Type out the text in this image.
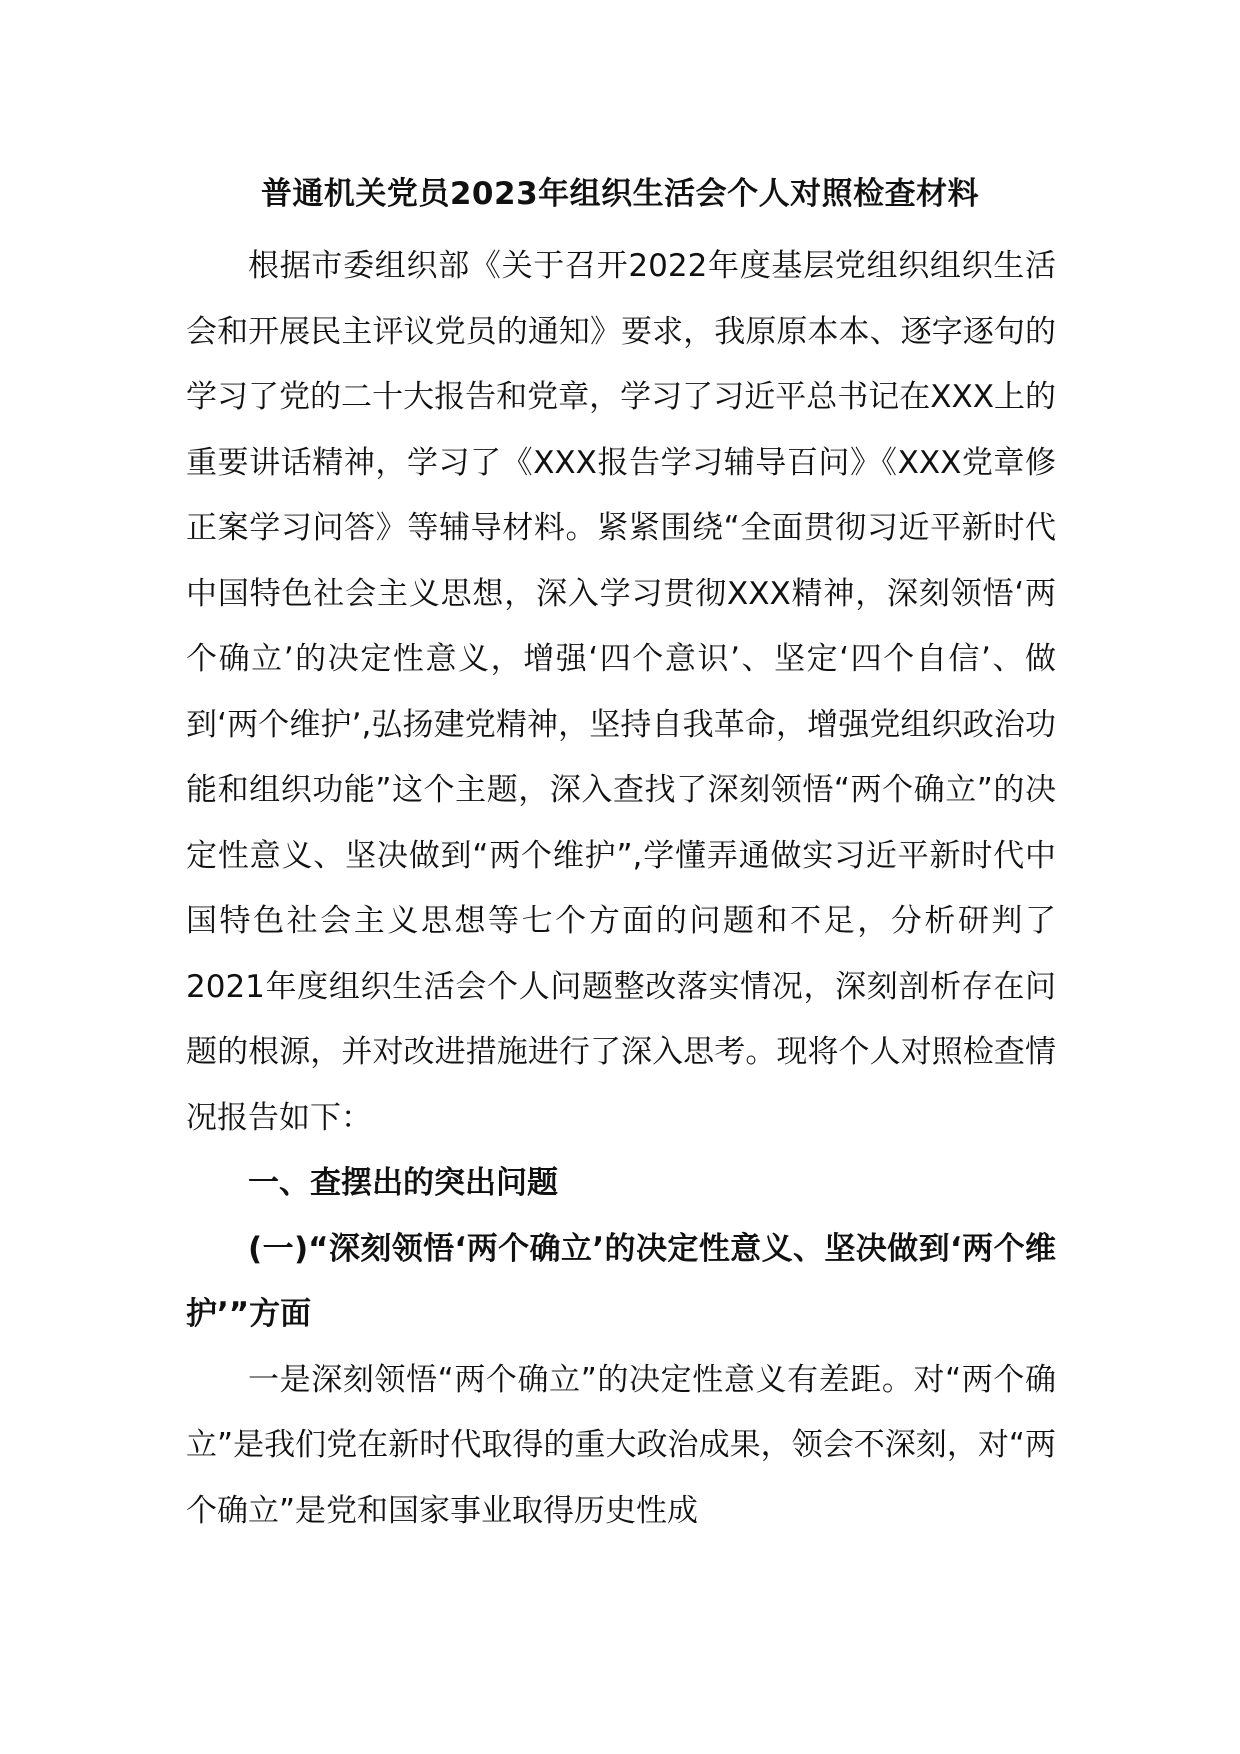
普通机关党员2023年组织生活会个人对照检查材料

根据市委组织部《关于召开2022年度基层党组织组织生活会和开展民主评议党员的通知》要求，我原原本本、逐字逐句的学习了党的二十大报告和党章，学习了习近平总书记在XXX上的重要讲话精神，学习了《XXX报告学习辅导百问》《XXX党章修正案学习问答》等辅导材料。紧紧围绕“全面贯彻习近平新时代中国特色社会主义思想，深入学习贯彻XXX精神，深刻领悟‘两个确立’的决定性意义，增强‘四个意识’、坚定‘四个自信’、做到‘两个维护’,弘扬建党精神，坚持自我革命，增强党组织政治功能和组织功能”这个主题，深入查找了深刻领悟“两个确立”的决定性意义、坚决做到“两个维护”,学懂弄通做实习近平新时代中国特色社会主义思想等七个方面的问题和不足，分析研判了2021年度组织生活会个人问题整改落实情况，深刻剖析存在问题的根源，并对改进措施进行了深入思考。现将个人对照检查情况报告如下：

一、查摆出的突出问题

(一)“深刻领悟‘两个确立’的决定性意义、坚决做到‘两个维护’”方面

一是深刻领悟“两个确立”的决定性意义有差距。对“两个确立”是我们党在新时代取得的重大政治成果，领会不深刻，对“两个确立”是党和国家事业取得历史性成
